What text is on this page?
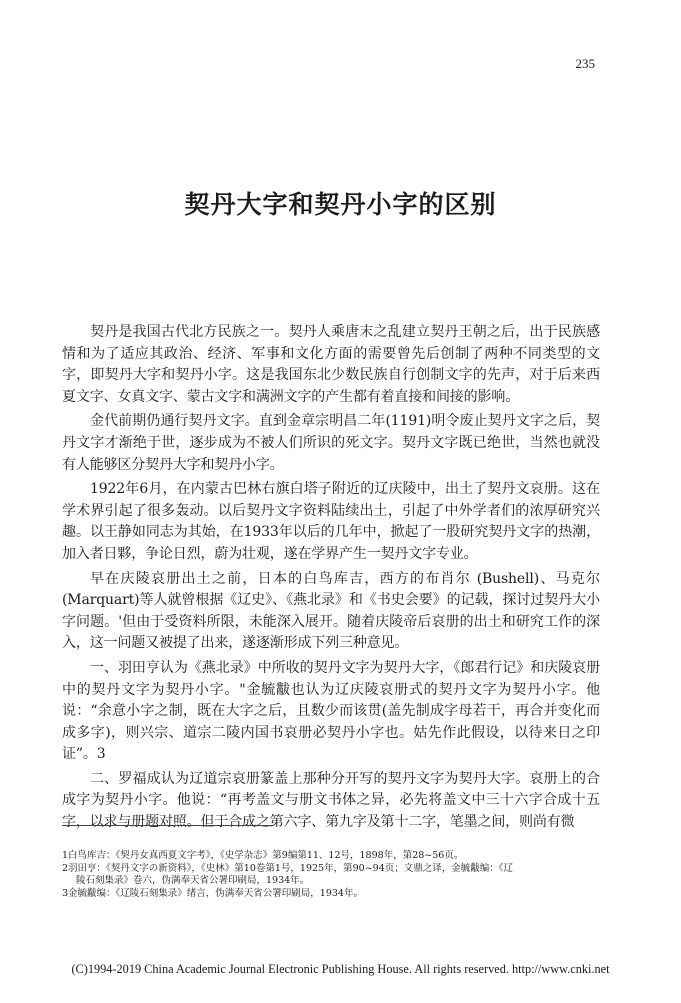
235
契丹大字和契丹小字的区别

契丹是我国古代北方民族之一。契丹人乘唐末之乱建立契丹王朝之后，出于民族感情和为了适应其政治、经济、军事和文化方面的需要曾先后创制了两种不同类型的文字，即契丹大字和契丹小字。这是我国东北少数民族自行创制文字的先声，对于后来西夏文字、女真文字、蒙古文字和满洲文字的产生都有着直接和间接的影响。

金代前期仍通行契丹文字。直到金章宗明昌二年(1191)明令废止契丹文字之后，契丹文字才渐绝于世，逐步成为不被人们所识的死文字。契丹文字既已绝世，当然也就没有人能够区分契丹大字和契丹小字。

1922年6月，在内蒙古巴林右旗白塔子附近的辽庆陵中，出土了契丹文哀册。这在学术界引起了很多轰动。以后契丹文字资料陆续出土，引起了中外学者们的浓厚研究兴趣。以王静如同志为其始，在1933年以后的几年中，掀起了一股研究契丹文字的热潮，加入者日夥，争论日烈，蔚为壮观，遂在学界产生一契丹文字专业。

早在庆陵哀册出土之前，日本的白鸟库吉，西方的布肖尔 (Bushell)、马克尔(Marquart)等人就曾根据《辽史》、《燕北录》和《书史会要》的记载，探讨过契丹大小字问题。'但由于受资料所限，未能深入展开。随着庆陵帝后哀册的出土和研究工作的深入，这一问题又被提了出来，遂逐渐形成下列三种意见。

一、羽田亨认为《燕北录》中所收的契丹文字为契丹大字，《郎君行记》和庆陵哀册中的契丹文字为契丹小字。"金毓黻也认为辽庆陵哀册式的契丹文字为契丹小字。他说：“余意小字之制，既在大字之后，且数少而该贯(盖先制成字母若干，再合并变化而成多字)，则兴宗、道宗二陵内国书哀册必契丹小字也。姑先作此假设，以待来日之印证”。3

二、罗福成认为辽道宗哀册篆盖上那种分开写的契丹文字为契丹大字。哀册上的合成字为契丹小字。他说：“再考盖文与册文书体之异，必先将盖文中三十六字合成十五字，以求与册题对照。但于合成之第六字、第九字及第十二字，笔墨之间，则尚有微

1白鸟库吉：《契丹女真西夏文字考》，《史学杂志》第9编第11、12号，1898年，第28~56页。
2羽田亨：《契丹文字の新资料》，《史林》第10卷第1号，1925年，第90~94页；文鼎之译，金毓黻编：《辽
陵石刻集录》卷六，伪满奉天省公署印刷局，1934年。
3金毓黻编：《辽陵石刻集录》绪言，伪满奉天省公署印刷局，1934年。
(C)1994-2019 China Academic Journal Electronic Publishing House. All rights reserved. http://www.cnki.net
